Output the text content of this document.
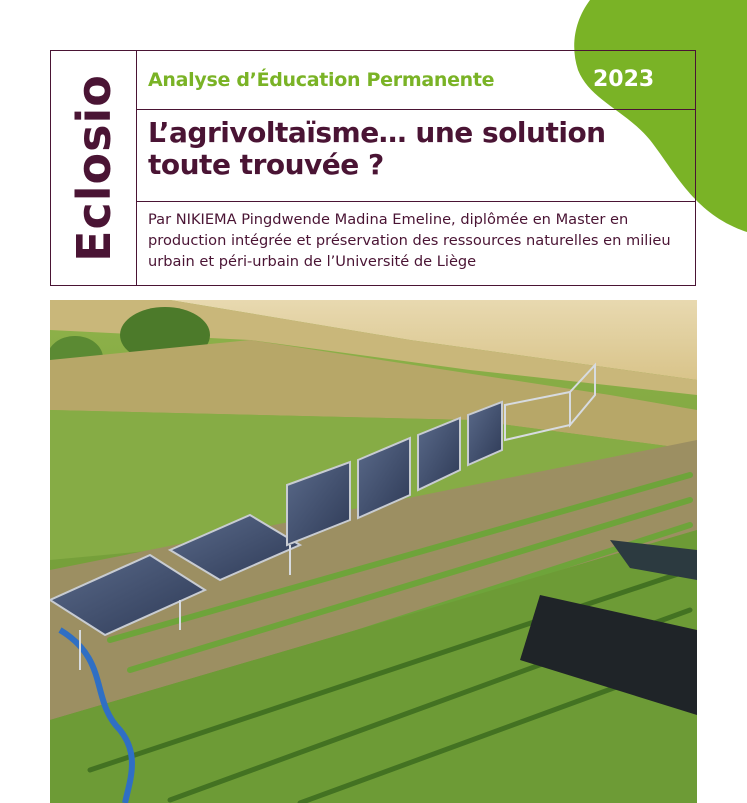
Eclosio Analyse d’Éducation Permanente	2023
L’agrivoltaïsme… une solution toute trouvée ?
Par NIKIEMA Pingdwende Madina Emeline, diplômée en Master en production intégrée et préservation des ressources naturelles en milieu urbain et péri-urbain de l’Université de Liège
